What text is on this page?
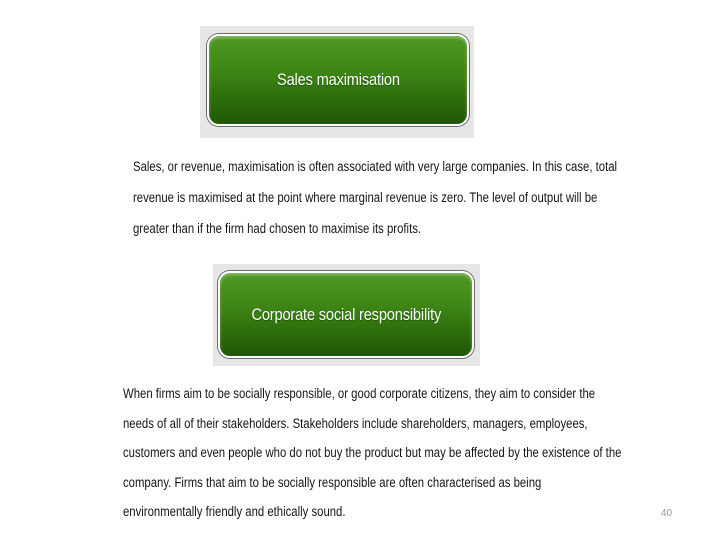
Sales maximisation

Sales, or revenue, maximisation is often associated with very large companies. In this case, total
revenue is maximised at the point where marginal revenue is zero. The level of output will be
greater than if the firm had chosen to maximise its profits.

Corporate social responsibility

When firms aim to be socially responsible, or good corporate citizens, they aim to consider the
needs of all of their stakeholders. Stakeholders include shareholders, managers, employees,
customers and even people who do not buy the product but may be affected by the existence of the
company. Firms that aim to be socially responsible are often characterised as being
environmentally friendly and ethically sound.	40
